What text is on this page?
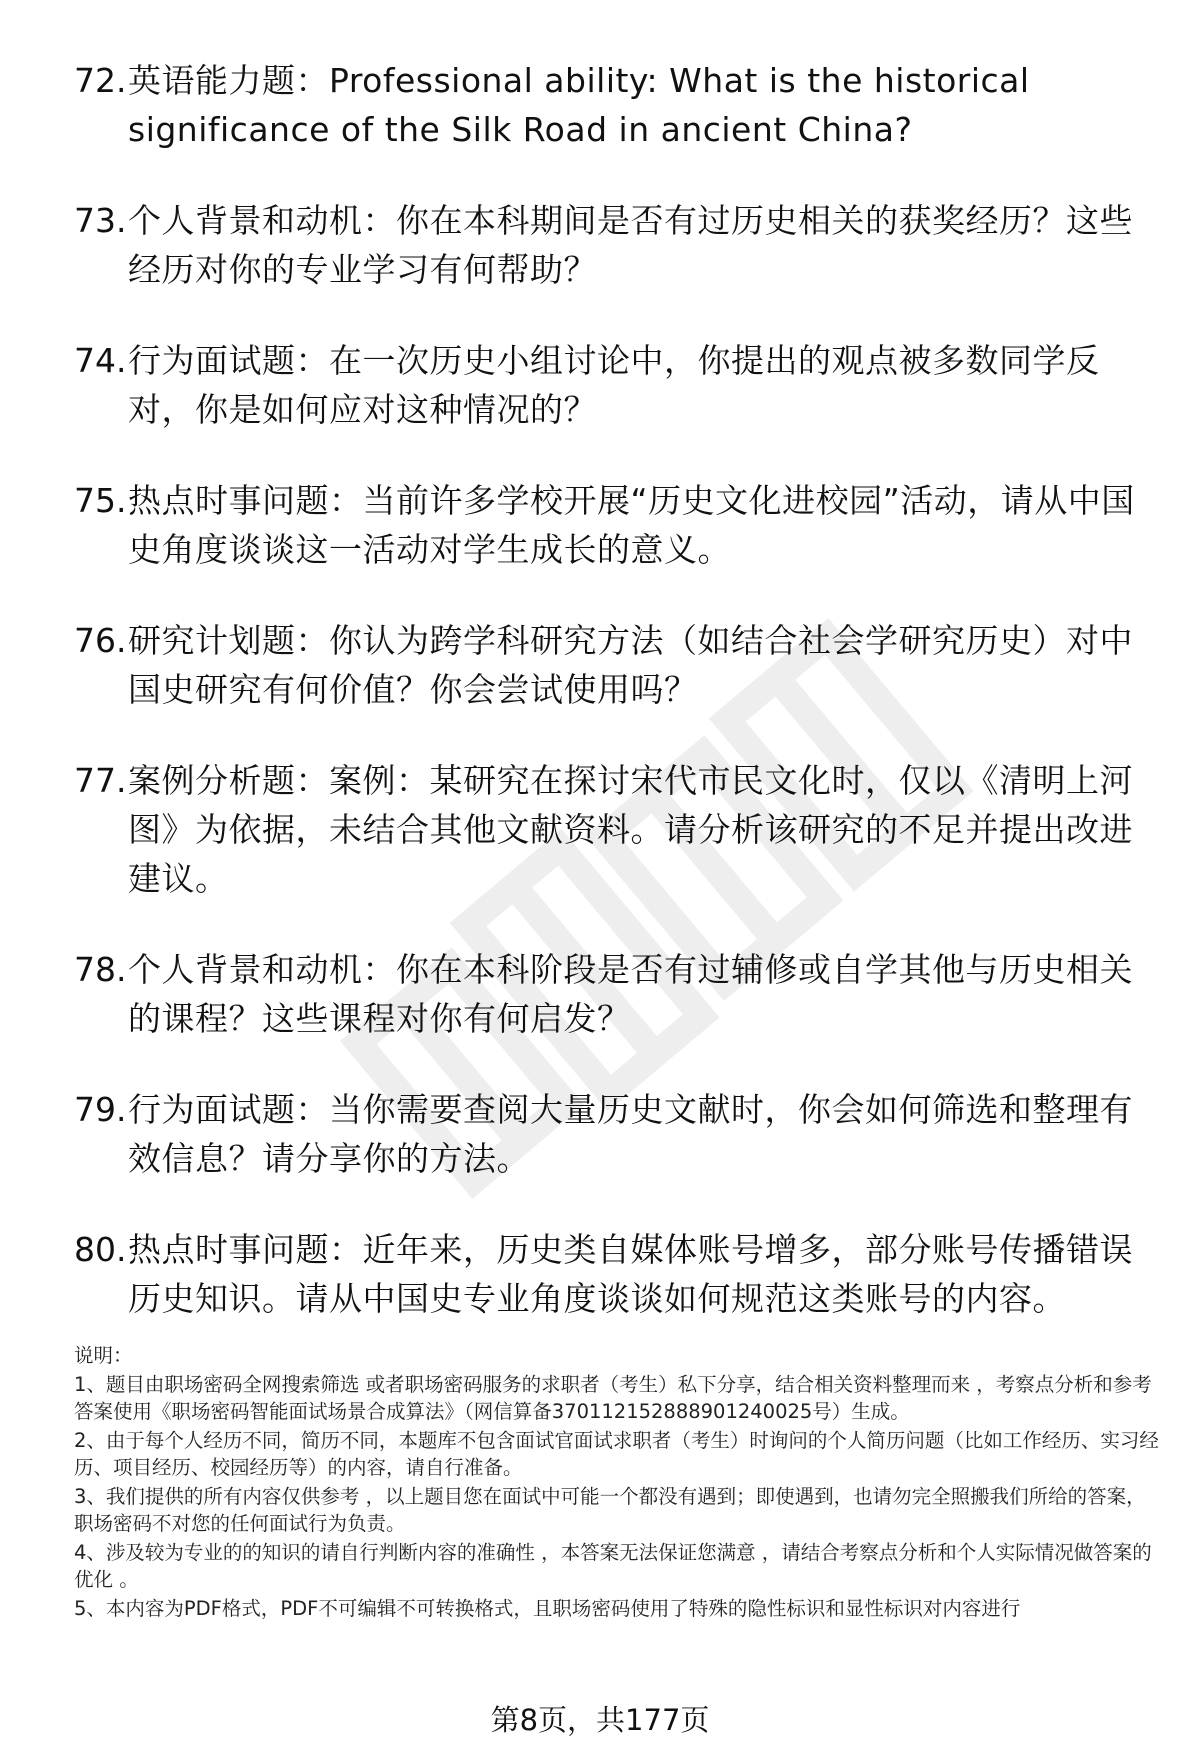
72. 英语能力题：Professional ability: What is the historical significance of the Silk Road in ancient China?
73. 个人背景和动机：你在本科期间是否有过历史相关的获奖经历？这些经历对你的专业学习有何帮助？
74. 行为面试题：在一次历史小组讨论中，你提出的观点被多数同学反对，你是如何应对这种情况的？
75. 热点时事问题：当前许多学校开展“历史文化进校园”活动，请从中国史角度谈谈这一活动对学生成长的意义。
76. 研究计划题：你认为跨学科研究方法（如结合社会学研究历史）对中国史研究有何价值？你会尝试使用吗？
77. 案例分析题：案例：某研究在探讨宋代市民文化时，仅以《清明上河图》为依据，未结合其他文献资料。请分析该研究的不足并提出改进建议。
78. 个人背景和动机：你在本科阶段是否有过辅修或自学其他与历史相关的课程？这些课程对你有何启发？
79. 行为面试题：当你需要查阅大量历史文献时，你会如何筛选和整理有效信息？请分享你的方法。
80. 热点时事问题：近年来，历史类自媒体账号增多，部分账号传播错误历史知识。请从中国史专业角度谈谈如何规范这类账号的内容。

说明：

1、题目由职场密码全网搜索筛选 或者职场密码服务的求职者（考生）私下分享，结合相关资料整理而来 ，考察点分析和参考答案使用《职场密码智能面试场景合成算法》（网信算备370112152888901240025号）生成。

2、由于每个人经历不同，简历不同，本题库不包含面试官面试求职者（考生）时询问的个人简历问题（比如工作经历、实习经历、项目经历、校园经历等）的内容，请自行准备。

3、我们提供的所有内容仅供参考 ，以上题目您在面试中可能一个都没有遇到；即使遇到，也请勿完全照搬我们所给的答案，职场密码不对您的任何面试行为负责。

4、涉及较为专业的的知识的请自行判断内容的准确性 ，本答案无法保证您满意 ，请结合考察点分析和个人实际情况做答案的优化 。

5、本内容为PDF格式，PDF不可编辑不可转换格式，且职场密码使用了特殊的隐性标识和显性标识对内容进行

第8页，共177页
